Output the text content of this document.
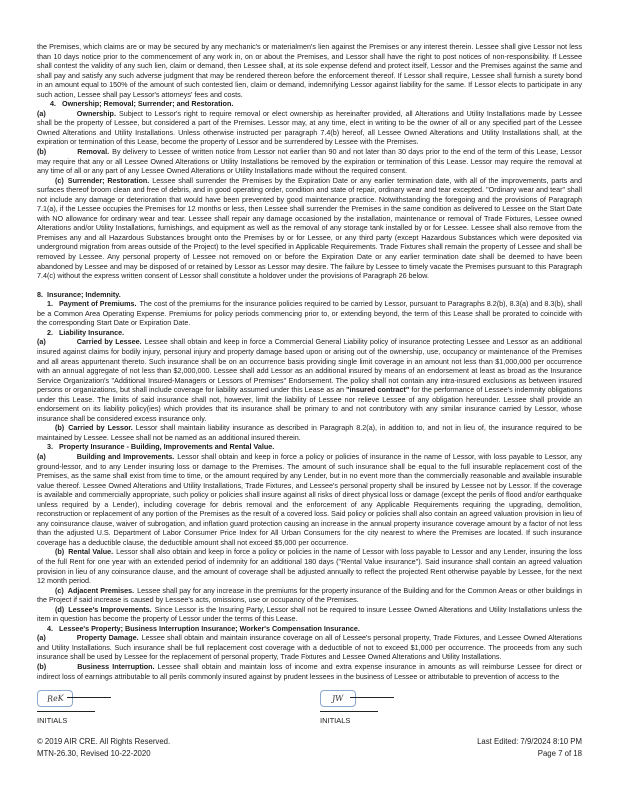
the Premises, which claims are or may be secured by any mechanic's or materialmen's lien against the Premises or any interest therein. Lessee shall give Lessor not less than 10 days notice prior to the commencement of any work in, on or about the Premises, and Lessor shall have the right to post notices of non-responsibility. If Lessee shall contest the validity of any such lien, claim or demand, then Lessee shall, at its sole expense defend and protect itself, Lessor and the Premises against the same and shall pay and satisfy any such adverse judgment that may be rendered thereon before the enforcement thereof. If Lessor shall require, Lessee shall furnish a surety bond in an amount equal to 150% of the amount of such contested lien, claim or demand, indemnifying Lessor against liability for the same. If Lessor elects to participate in any such action, Lessee shall pay Lessor's attorneys' fees and costs.

4. Ownership; Removal; Surrender; and Restoration.

(a)	Ownership. Subject to Lessor's right to require removal or elect ownership as hereinafter provided, all Alterations and Utility Installations made by Lessee shall be the property of Lessee, but considered a part of the Premises. Lessor may, at any time, elect in writing to be the owner of all or any specified part of the Lessee Owned Alterations and Utility Installations. Unless otherwise instructed per paragraph 7.4(b) hereof, all Lessee Owned Alterations and Utility Installations shall, at the expiration or termination of this Lease, become the property of Lessor and be surrendered by Lessee with the Premises.

(b)	Removal. By delivery to Lessee of written notice from Lessor not earlier than 90 and not later than 30 days prior to the end of the term of this Lease, Lessor may require that any or all Lessee Owned Alterations or Utility Installations be removed by the expiration or termination of this Lease. Lessor may require the removal at any time of all or any part of any Lessee Owned Alterations or Utility Installations made without the required consent.

(c) Surrender; Restoration. Lessee shall surrender the Premises by the Expiration Date or any earlier termination date, with all of the improvements, parts and surfaces thereof broom clean and free of debris, and in good operating order, condition and state of repair, ordinary wear and tear excepted. "Ordinary wear and tear" shall not include any damage or deterioration that would have been prevented by good maintenance practice. Notwithstanding the foregoing and the provisions of Paragraph 7.1(a), if the Lessee occupies the Premises for 12 months or less, then Lessee shall surrender the Premises in the same condition as delivered to Lessee on the Start Date with NO allowance for ordinary wear and tear. Lessee shall repair any damage occasioned by the installation, maintenance or removal of Trade Fixtures, Lessee owned Alterations and/or Utility Installations, furnishings, and equipment as well as the removal of any storage tank installed by or for Lessee. Lessee shall also remove from the Premises any and all Hazardous Substances brought onto the Premises by or for Lessee, or any third party (except Hazardous Substances which were deposited via underground migration from areas outside of the Project) to the level specified in Applicable Requirements. Trade Fixtures shall remain the property of Lessee and shall be removed by Lessee. Any personal property of Lessee not removed on or before the Expiration Date or any earlier termination date shall be deemed to have been abandoned by Lessee and may be disposed of or retained by Lessor as Lessor may desire. The failure by Lessee to timely vacate the Premises pursuant to this Paragraph 7.4(c) without the express written consent of Lessor shall constitute a holdover under the provisions of Paragraph 26 below.

8. Insurance; Indemnity.

1. Payment of Premiums. The cost of the premiums for the insurance policies required to be carried by Lessor, pursuant to Paragraphs 8.2(b), 8.3(a) and 8.3(b), shall be a Common Area Operating Expense. Premiums for policy periods commencing prior to, or extending beyond, the term of this Lease shall be prorated to coincide with the corresponding Start Date or Expiration Date.

2. Liability Insurance.

(a)	Carried by Lessee. Lessee shall obtain and keep in force a Commercial General Liability policy of insurance protecting Lessee and Lessor as an additional insured against claims for bodily injury, personal injury and property damage based upon or arising out of the ownership, use, occupancy or maintenance of the Premises and all areas appurtenant thereto. Such insurance shall be on an occurrence basis providing single limit coverage in an amount not less than $1,000,000 per occurrence with an annual aggregate of not less than $2,000,000. Lessee shall add Lessor as an additional insured by means of an endorsement at least as broad as the Insurance Service Organization's "Additional Insured-Managers or Lessors of Premises" Endorsement. The policy shall not contain any intra-insured exclusions as between insured persons or organizations, but shall include coverage for liability assumed under this Lease as an "insured contract" for the performance of Lessee's indemnity obligations under this Lease. The limits of said insurance shall not, however, limit the liability of Lessee nor relieve Lessee of any obligation hereunder. Lessee shall provide an endorsement on its liability policy(ies) which provides that its insurance shall be primary to and not contributory with any similar insurance carried by Lessor, whose insurance shall be considered excess insurance only.

(b) Carried by Lessor. Lessor shall maintain liability insurance as described in Paragraph 8.2(a), in addition to, and not in lieu of, the insurance required to be maintained by Lessee. Lessee shall not be named as an additional insured therein.

3. Property Insurance - Building, Improvements and Rental Value.

(a)	Building and Improvements. Lessor shall obtain and keep in force a policy or policies of insurance in the name of Lessor, with loss payable to Lessor, any ground-lessor, and to any Lender insuring loss or damage to the Premises. The amount of such insurance shall be equal to the full insurable replacement cost of the Premises, as the same shall exist from time to time, or the amount required by any Lender, but in no event more than the commercially reasonable and available insurable value thereof. Lessee Owned Alterations and Utility Installations, Trade Fixtures, and Lessee's personal property shall be insured by Lessee not by Lessor. If the coverage is available and commercially appropriate, such policy or policies shall insure against all risks of direct physical loss or damage (except the perils of flood and/or earthquake unless required by a Lender), including coverage for debris removal and the enforcement of any Applicable Requirements requiring the upgrading, demolition, reconstruction or replacement of any portion of the Premises as the result of a covered loss. Said policy or policies shall also contain an agreed valuation provision in lieu of any coinsurance clause, waiver of subrogation, and inflation guard protection causing an increase in the annual property insurance coverage amount by a factor of not less than the adjusted U.S. Department of Labor Consumer Price Index for All Urban Consumers for the city nearest to where the Premises are located. If such insurance coverage has a deductible clause, the deductible amount shall not exceed $5,000 per occurrence.

(b) Rental Value. Lessor shall also obtain and keep in force a policy or policies in the name of Lessor with loss payable to Lessor and any Lender, insuring the loss of the full Rent for one year with an extended period of indemnity for an additional 180 days ("Rental Value insurance"). Said insurance shall contain an agreed valuation provision in lieu of any coinsurance clause, and the amount of coverage shall be adjusted annually to reflect the projected Rent otherwise payable by Lessee, for the next 12 month period.

(c) Adjacent Premises. Lessee shall pay for any increase in the premiums for the property insurance of the Building and for the Common Areas or other buildings in the Project if said increase is caused by Lessee's acts, omissions, use or occupancy of the Premises.

(d) Lessee's Improvements. Since Lessor is the Insuring Party, Lessor shall not be required to insure Lessee Owned Alterations and Utility Installations unless the item in question has become the property of Lessor under the terms of this Lease.

4. Lessee's Property; Business Interruption Insurance; Worker's Compensation Insurance.

(a)	Property Damage. Lessee shall obtain and maintain insurance coverage on all of Lessee's personal property, Trade Fixtures, and Lessee Owned Alterations and Utility Installations. Such insurance shall be full replacement cost coverage with a deductible of not to exceed $1,000 per occurrence. The proceeds from any such insurance shall be used by Lessee for the replacement of personal property, Trade Fixtures and Lessee Owned Alterations and Utility Installations.

(b)	Business Interruption. Lessee shall obtain and maintain loss of income and extra expense insurance in amounts as will reimburse Lessee for direct or indirect loss of earnings attributable to all perils commonly insured against by prudent lessees in the business of Lessee or attributable to prevention of access to the

ReK
INITIALS
JW
INITIALS
© 2019 AIR CRE. All Rights Reserved.	Last Edited: 7/9/2024 8:10 PM
MTN-26.30, Revised 10-22-2020	Page 7 of 18
